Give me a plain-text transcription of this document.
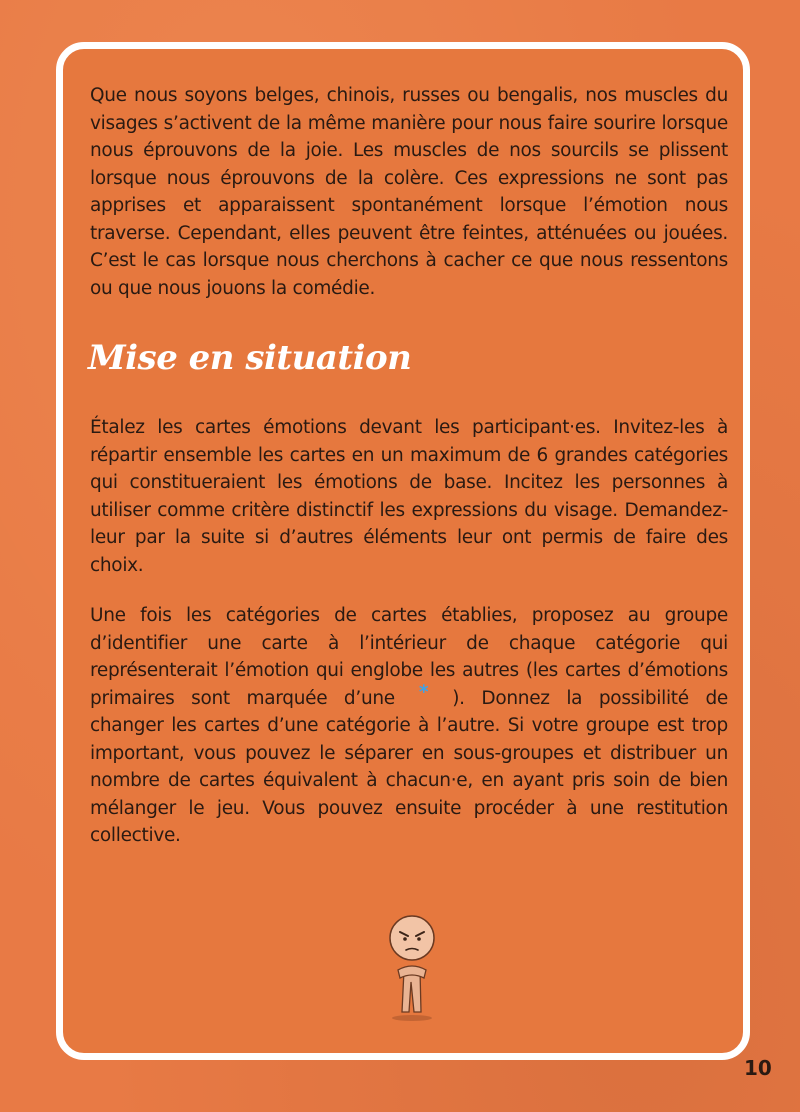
Que nous soyons belges, chinois, russes ou bengalis, nos muscles du visages s’activent de la même manière pour nous faire sourire lorsque nous éprouvons de la joie. Les muscles de nos sourcils se plissent lorsque nous éprouvons de la colère. Ces expressions ne sont pas apprises et apparaissent spontanément lorsque l’émotion nous traverse. Cependant, elles peuvent être feintes, atténuées ou jouées. C’est le cas lorsque nous cherchons à cacher ce que nous ressentons ou que nous jouons la comédie.

Mise en situation

Étalez les cartes émotions devant les participant·es. Invitez-les à répartir ensemble les cartes en un maximum de 6 grandes catégories qui constitueraient les émotions de base. Incitez les personnes à utiliser comme critère distinctif les expressions du visage. Demandez-leur par la suite si d’autres éléments leur ont permis de faire des choix.

Une fois les catégories de cartes établies, proposez au groupe d’identifier une carte à l’intérieur de chaque catégorie qui représenterait l’émotion qui englobe les autres (les cartes d’émotions primaires sont marquée d’une * ). Donnez la possibilité de changer les cartes d’une catégorie à l’autre. Si votre groupe est trop important, vous pouvez le séparer en sous-groupes et distribuer un nombre de cartes équivalent à chacun·e, en ayant pris soin de bien mélanger le jeu. Vous pouvez ensuite procéder à une restitution collective.

10
